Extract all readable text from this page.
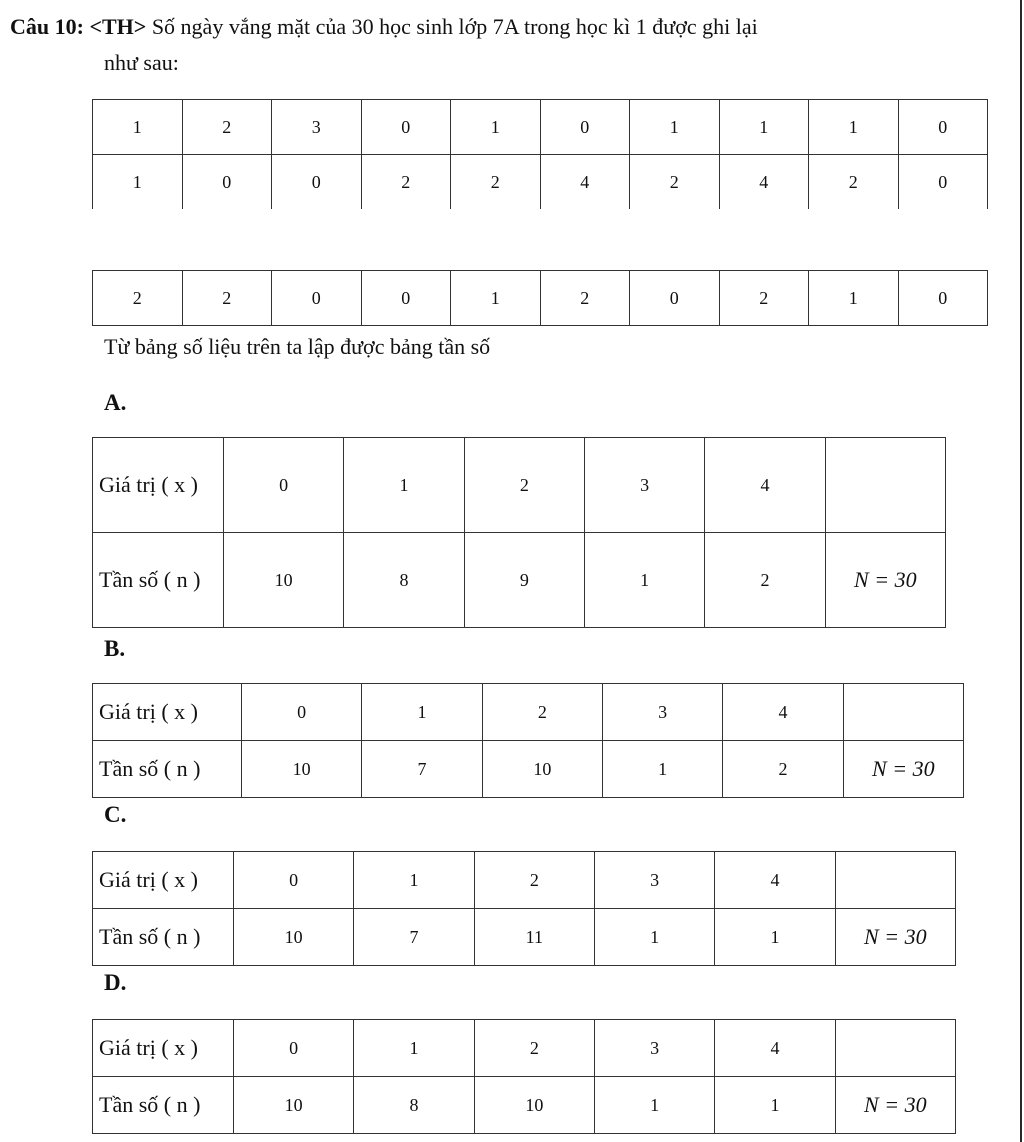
Câu 10: <TH> Số ngày vắng mặt của 30 học sinh lớp 7A trong học kì 1 được ghi lại
như sau:
1	2	3	0	1	0	1	1	1	0
1	0	0	2	2	4	2	4	2	0
2	2	0	0	1	2	0	2	1	0
Từ bảng số liệu trên ta lập được bảng tần số
A.
Giá trị ( x )	0	1	2	3	4	
Tần số ( n )	10	8	9	1	2	N = 30
B.
Giá trị ( x )	0	1	2	3	4	
Tần số ( n )	10	7	10	1	2	N = 30
C.
Giá trị ( x )	0	1	2	3	4	
Tần số ( n )	10	7	11	1	1	N = 30
D.
Giá trị ( x )	0	1	2	3	4	
Tần số ( n )	10	8	10	1	1	N = 30
